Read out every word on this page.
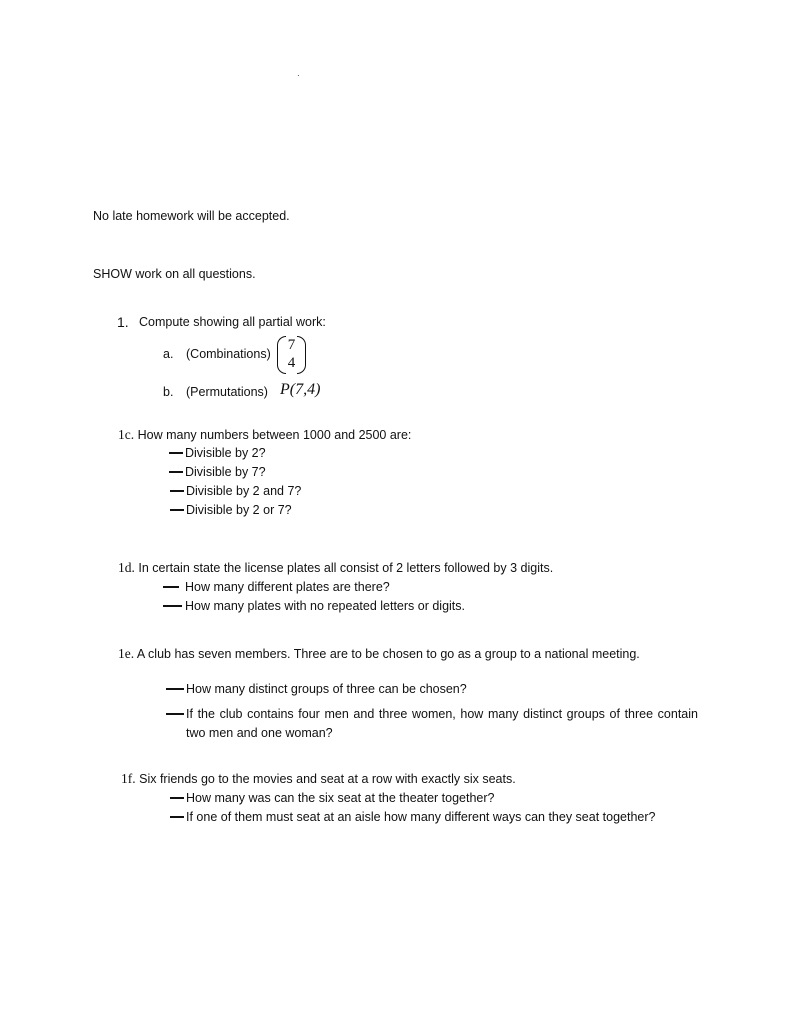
·
No late homework will be accepted.
SHOW work on all questions.
1. Compute showing all partial work:
a. (Combinations)
7
4
b. (Permutations) P(7,4)
1c. How many numbers between 1000 and 2500 are:
Divisible by 2?
Divisible by 7?
Divisible by 2 and 7?
Divisible by 2 or 7?
1d. In certain state the license plates all consist of 2 letters followed by 3 digits.
How many different plates are there?
How many plates with no repeated letters or digits.
1e. A club has seven members. Three are to be chosen to go as a group to a national meeting.
How many distinct groups of three can be chosen?
If the club contains four men and three women, how many distinct groups of three contain two men and one woman?
1f. Six friends go to the movies and seat at a row with exactly six seats.
How many was can the six seat at the theater together?
If one of them must seat at an aisle how many different ways can they seat together?
